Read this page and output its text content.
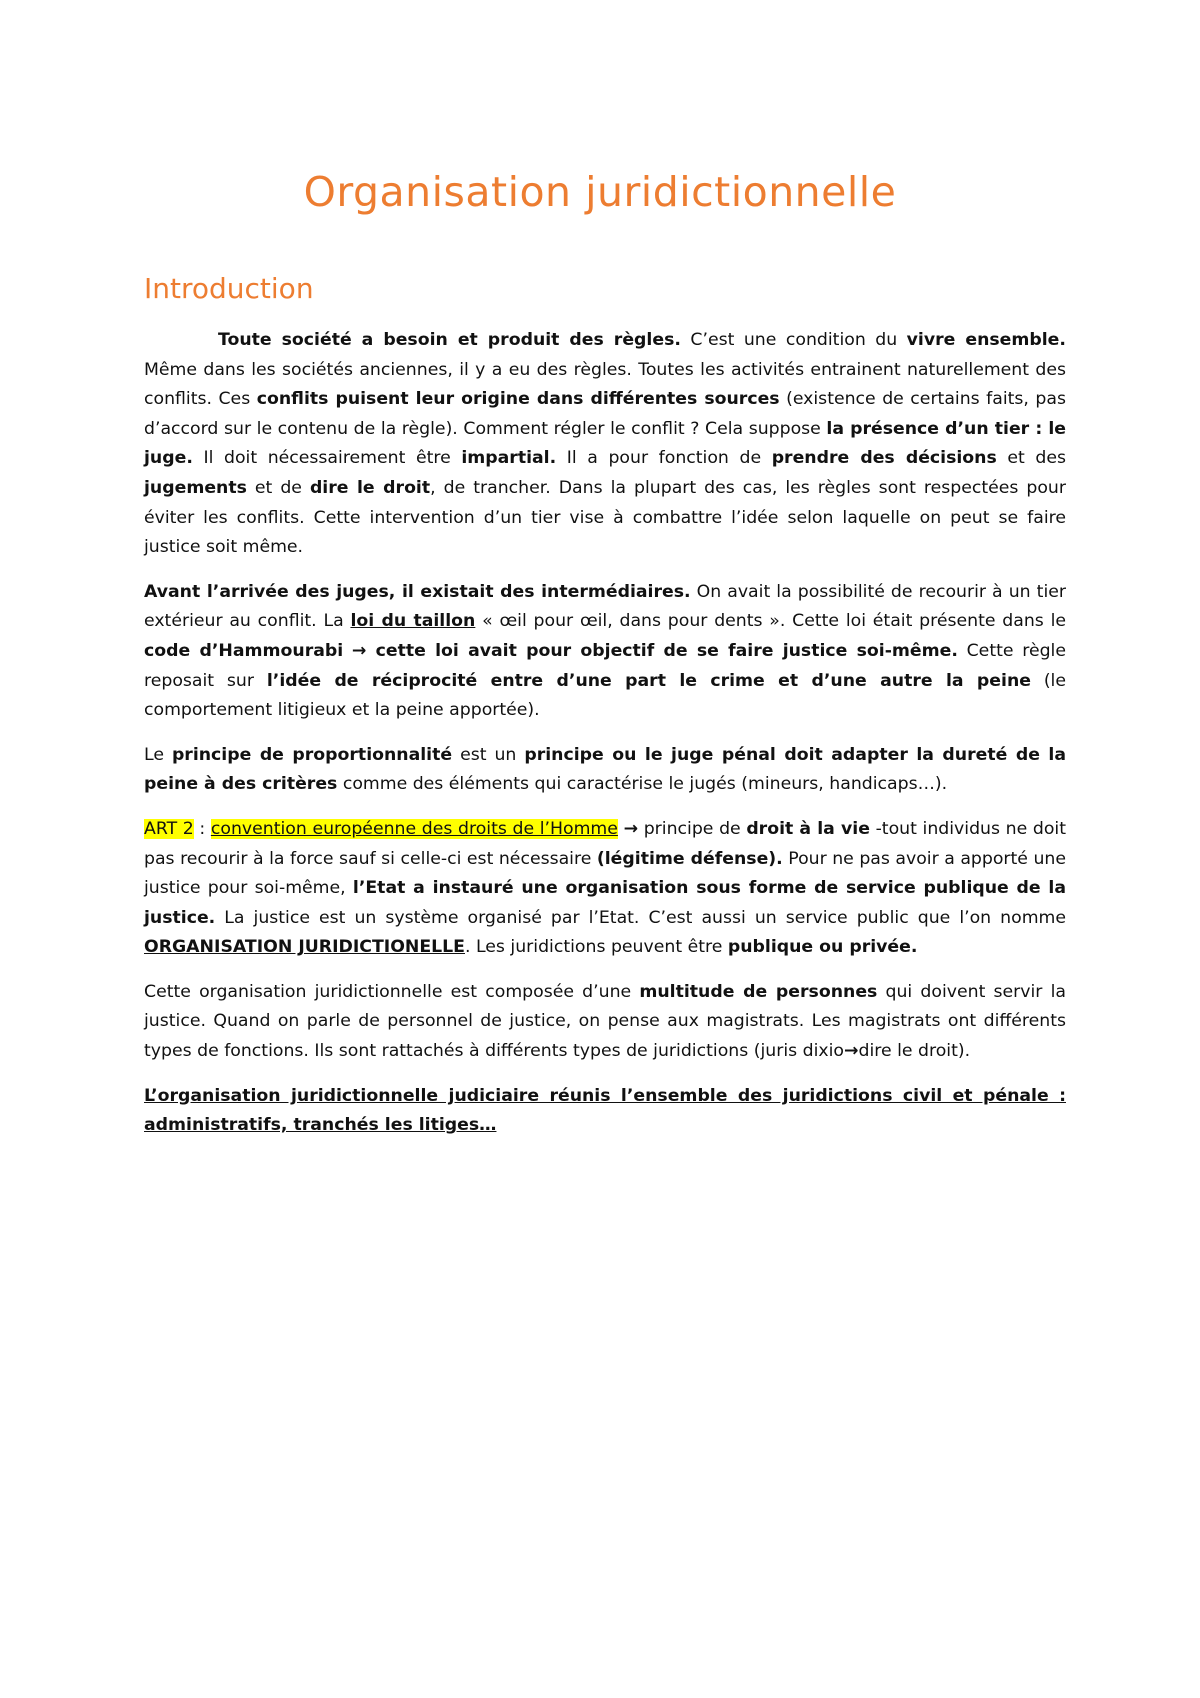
Organisation juridictionnelle
Introduction

Toute société a besoin et produit des règles. C’est une condition du vivre ensemble. Même dans les sociétés anciennes, il y a eu des règles. Toutes les activités entrainent naturellement des conflits. Ces conflits puisent leur origine dans différentes sources (existence de certains faits, pas d’accord sur le contenu de la règle). Comment régler le conflit ? Cela suppose la présence d’un tier : le juge. Il doit nécessairement être impartial. Il a pour fonction de prendre des décisions et des jugements et de dire le droit, de trancher. Dans la plupart des cas, les règles sont respectées pour éviter les conflits. Cette intervention d’un tier vise à combattre l’idée selon laquelle on peut se faire justice soit même.

Avant l’arrivée des juges, il existait des intermédiaires. On avait la possibilité de recourir à un tier extérieur au conflit. La loi du taillon « œil pour œil, dans pour dents ». Cette loi était présente dans le code d’Hammourabi → cette loi avait pour objectif de se faire justice soi-même. Cette règle reposait sur l’idée de réciprocité entre d’une part le crime et d’une autre la peine (le comportement litigieux et la peine apportée).

Le principe de proportionnalité est un principe ou le juge pénal doit adapter la dureté de la peine à des critères comme des éléments qui caractérise le jugés (mineurs, handicaps…).

ART 2 : convention européenne des droits de l’Homme → principe de droit à la vie -tout individus ne doit pas recourir à la force sauf si celle-ci est nécessaire (légitime défense). Pour ne pas avoir a apporté une justice pour soi-même, l’Etat a instauré une organisation sous forme de service publique de la justice. La justice est un système organisé par l’Etat. C’est aussi un service public que l’on nomme ORGANISATION JURIDICTIONELLE. Les juridictions peuvent être publique ou privée.

Cette organisation juridictionnelle est composée d’une multitude de personnes qui doivent servir la justice. Quand on parle de personnel de justice, on pense aux magistrats. Les magistrats ont différents types de fonctions. Ils sont rattachés à différents types de juridictions (juris dixio→dire le droit).

L’organisation juridictionnelle judiciaire réunis l’ensemble des juridictions civil et pénale : administratifs, tranchés les litiges…
